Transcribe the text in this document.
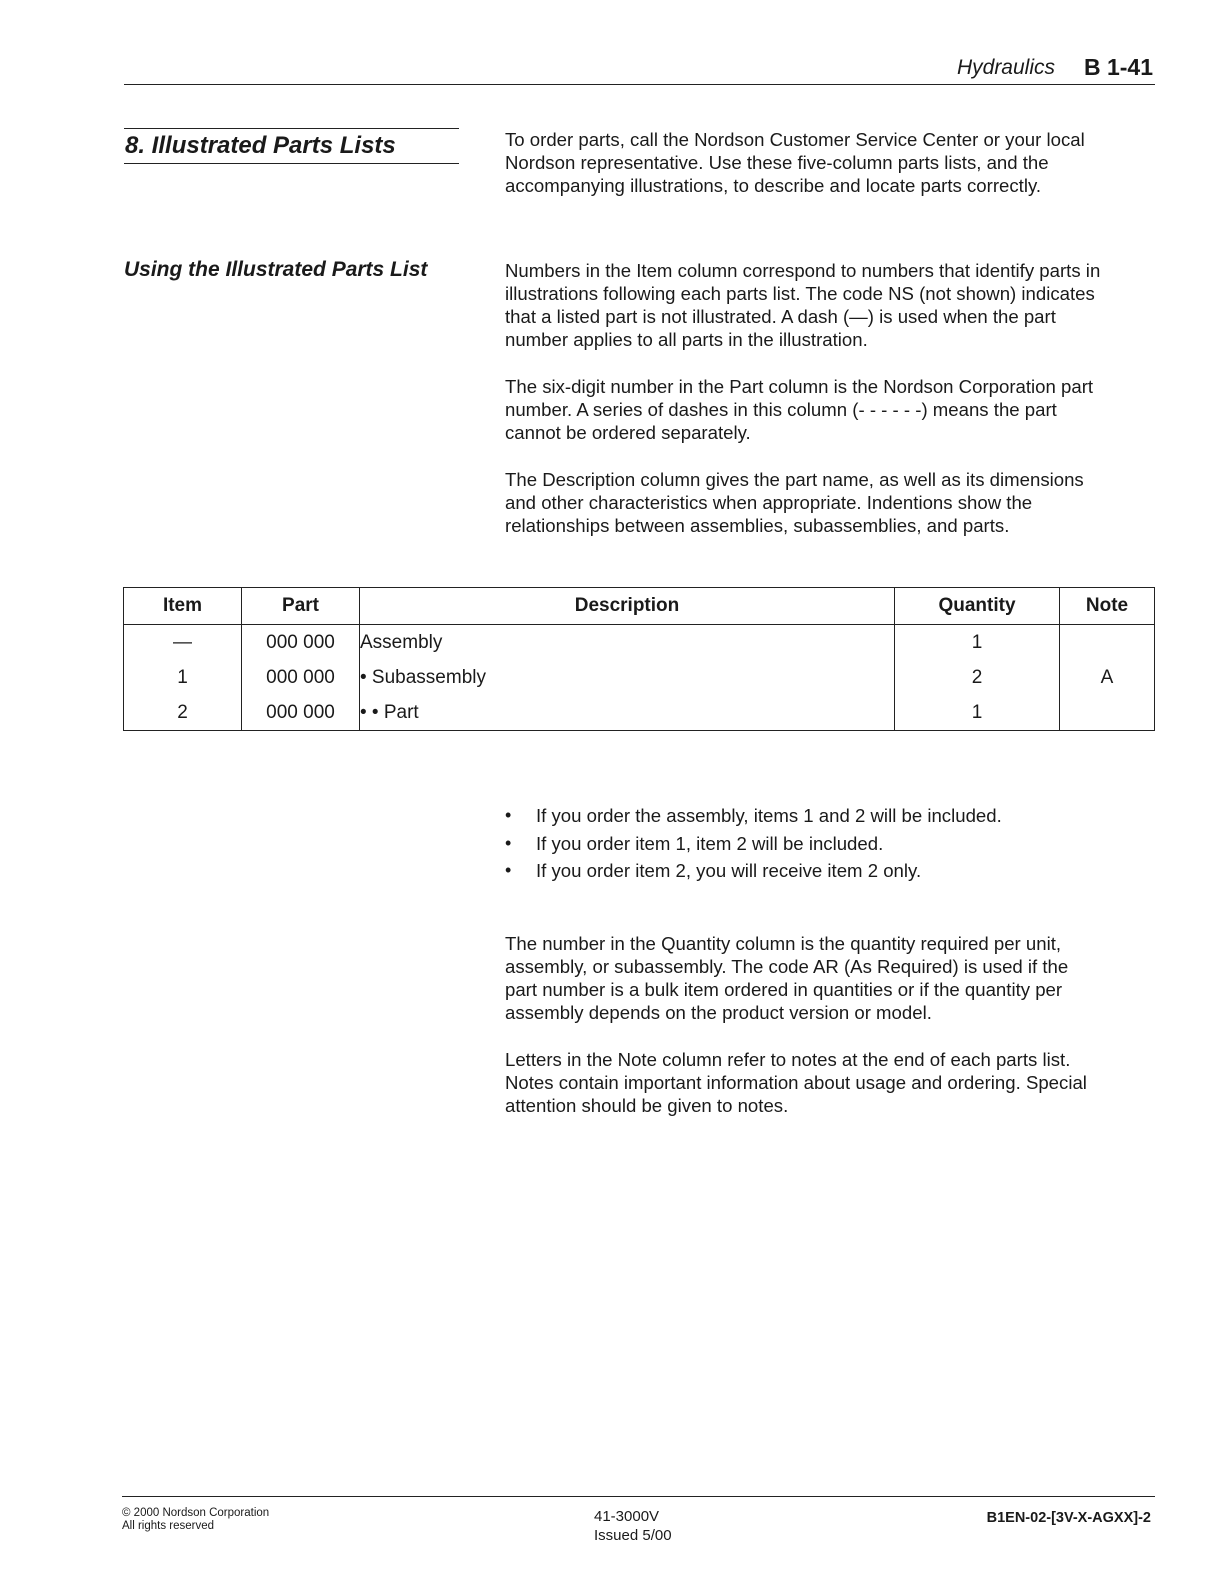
Hydraulics B 1-41
8. Illustrated Parts Lists	To order parts, call the Nordson Customer Service Center or your local
Nordson representative. Use these five-column parts lists, and the
accompanying illustrations, to describe and locate parts correctly.

Using the Illustrated Parts List	Numbers in the Item column correspond to numbers that identify parts in
illustrations following each parts list. The code NS (not shown) indicates
that a listed part is not illustrated. A dash (—) is used when the part
number applies to all parts in the illustration.

The six-digit number in the Part column is the Nordson Corporation part
number. A series of dashes in this column (- - - - - -) means the part
cannot be ordered separately.

The Description column gives the part name, as well as its dimensions
and other characteristics when appropriate. Indentions show the
relationships between assemblies, subassemblies, and parts.

Item	Part	Description	Quantity	Note
—	000 000	Assembly	1	
1	000 000	• Subassembly	2	A
2	000 000	• • Part	1	
• If you order the assembly, items 1 and 2 will be included.
• If you order item 1, item 2 will be included.
• If you order item 2, you will receive item 2 only.

The number in the Quantity column is the quantity required per unit,
assembly, or subassembly. The code AR (As Required) is used if the
part number is a bulk item ordered in quantities or if the quantity per
assembly depends on the product version or model.

Letters in the Note column refer to notes at the end of each parts list.
Notes contain important information about usage and ordering. Special
attention should be given to notes.

© 2000 Nordson Corporation
All rights reserved
41-3000V
Issued 5/00
B1EN-02-[3V-X-AGXX]-2
